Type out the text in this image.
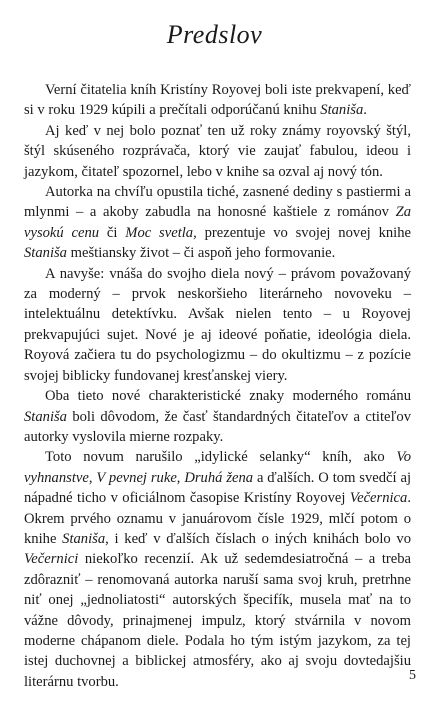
Predslov

Verní čitatelia kníh Kristíny Royovej boli iste prekvapení, keď si v roku 1929 kúpili a prečítali odporúčanú knihu Staniša.

Aj keď v nej bolo poznať ten už roky známy royovský štýl, štýl skúseného rozprávača, ktorý vie zaujať fabulou, ideou i jazykom, čitateľ spozornel, lebo v knihe sa ozval aj nový tón.

Autorka na chvíľu opustila tiché, zasnené dediny s pastiermi a mlynmi – a akoby zabudla na honosné kaštiele z románov Za vysokú cenu či Moc svetla, prezentuje vo svojej novej knihe Staniša meštiansky život – či aspoň jeho formovanie.

A navyše: vnáša do svojho diela nový – právom považovaný za moderný – prvok neskoršieho literárneho novoveku – intelektuálnu detektívku. Avšak nielen tento – u Royovej prekvapujúci sujet. Nové je aj ideové poňatie, ideológia diela. Royová začiera tu do psychologizmu – do okultizmu – z pozície svojej biblicky fundovanej kresťanskej viery.

Oba tieto nové charakteristické znaky moderného románu Staniša boli dôvodom, že časť štandardných čitateľov a ctiteľov autorky vyslovila mierne rozpaky.

Toto novum narušilo „idylické selanky“ kníh, ako Vo vyhnanstve, V pevnej ruke, Druhá žena a ďalších. O tom svedčí aj nápadné ticho v oficiálnom časopise Kristíny Royovej Večernica. Okrem prvého oznamu v januárovom čísle 1929, mlčí potom o knihe Staniša, i keď v ďalších číslach o iných knihách bolo vo Večernici niekoľko recenzií. Ak už sedemdesiatročná – a treba zdôrazniť – renomovaná autorka naruší sama svoj kruh, pretrhne niť onej „jednoliatosti“ autorských špecifík, musela mať na to vážne dôvody, prinajmenej impulz, ktorý stvárnila v novom moderne chápanom diele. Podala ho tým istým jazykom, za tej istej duchovnej a biblickej atmosféry, ako aj svoju dovtedajšiu literárnu tvorbu.	5
